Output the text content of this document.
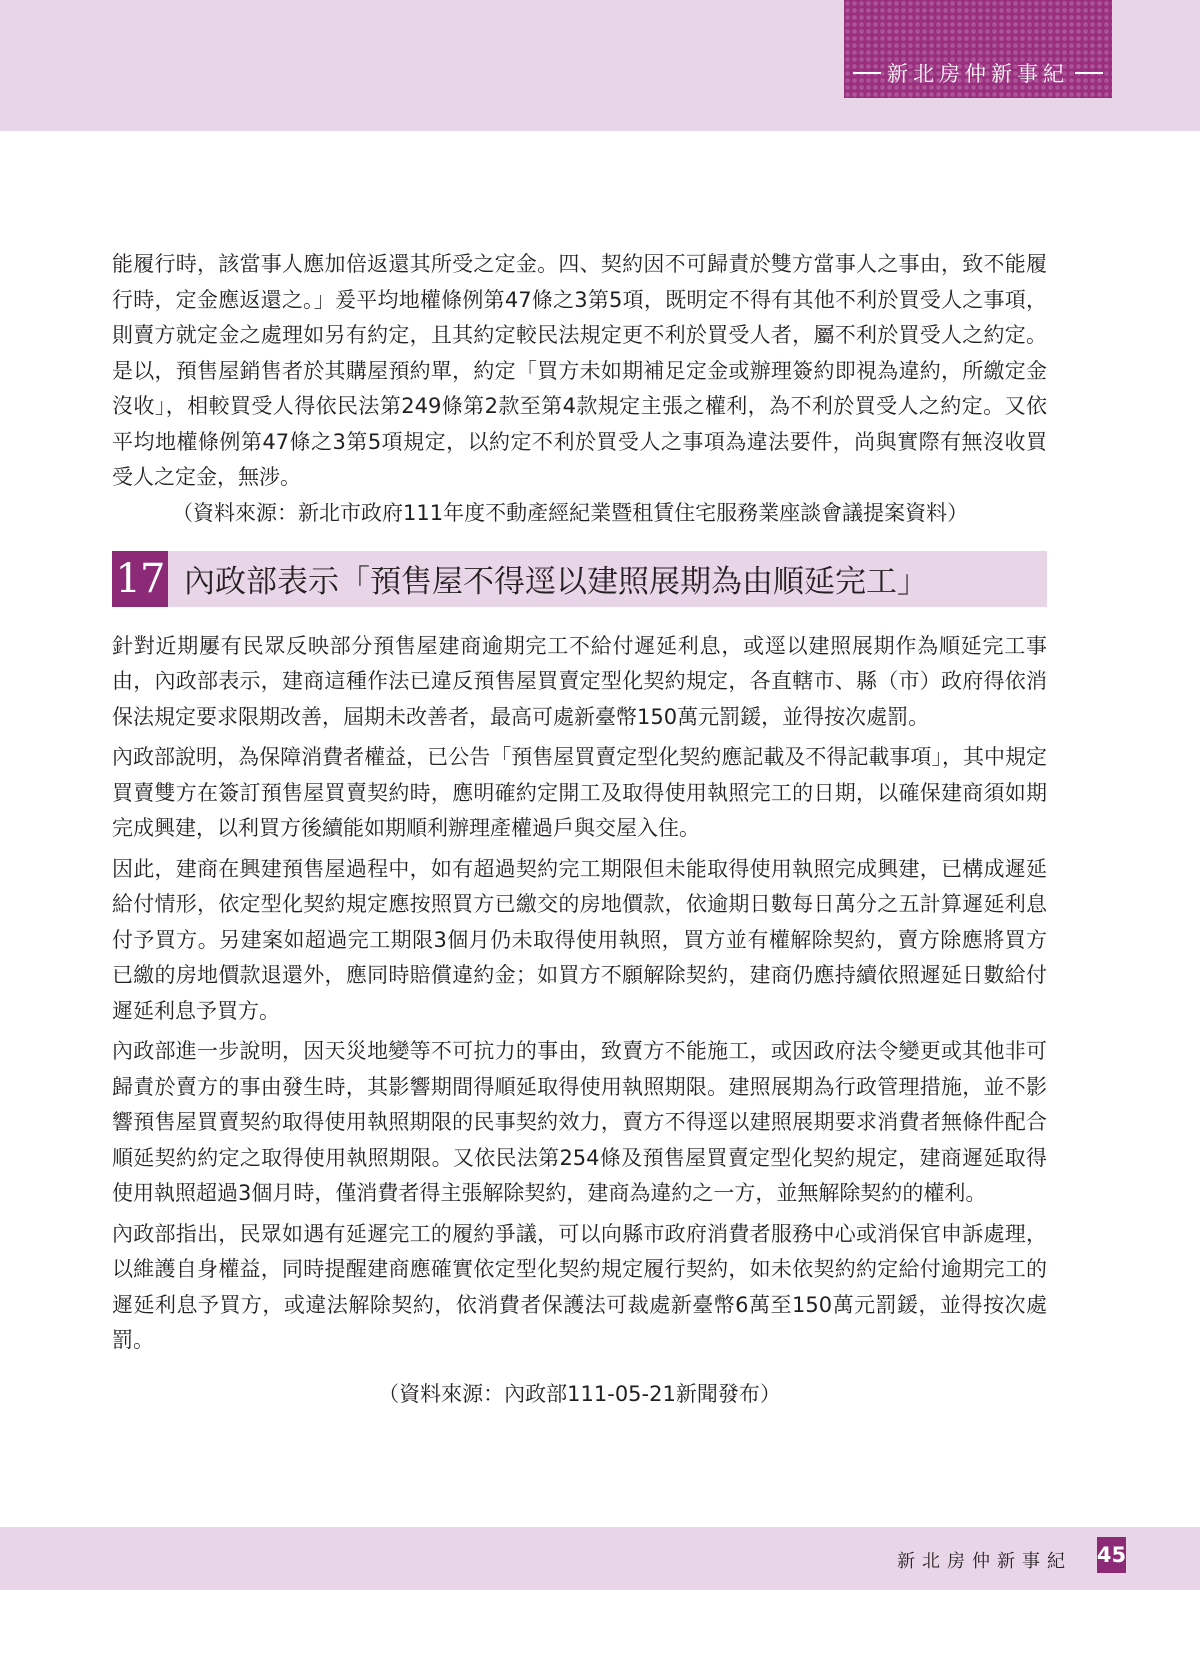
新北房仲新事紀

能履行時，該當事人應加倍返還其所受之定金。四、契約因不可歸責於雙方當事人之事由，致不能履行時，定金應返還之。」爰平均地權條例第47條之3第5項，既明定不得有其他不利於買受人之事項，則賣方就定金之處理如另有約定，且其約定較民法規定更不利於買受人者，屬不利於買受人之約定。是以，預售屋銷售者於其購屋預約單，約定「買方未如期補足定金或辦理簽約即視為違約，所繳定金沒收」，相較買受人得依民法第249條第2款至第4款規定主張之權利，為不利於買受人之約定。又依平均地權條例第47條之3第5項規定，以約定不利於買受人之事項為違法要件，尚與實際有無沒收買受人之定金，無涉。

（資料來源：新北市政府111年度不動產經紀業暨租賃住宅服務業座談會議提案資料）

17 內政部表示「預售屋不得逕以建照展期為由順延完工」

針對近期屢有民眾反映部分預售屋建商逾期完工不給付遲延利息，或逕以建照展期作為順延完工事由，內政部表示，建商這種作法已違反預售屋買賣定型化契約規定，各直轄市、縣（市）政府得依消保法規定要求限期改善，屆期未改善者，最高可處新臺幣150萬元罰鍰，並得按次處罰。

內政部說明，為保障消費者權益，已公告「預售屋買賣定型化契約應記載及不得記載事項」，其中規定買賣雙方在簽訂預售屋買賣契約時，應明確約定開工及取得使用執照完工的日期，以確保建商須如期完成興建，以利買方後續能如期順利辦理產權過戶與交屋入住。

因此，建商在興建預售屋過程中，如有超過契約完工期限但未能取得使用執照完成興建，已構成遲延給付情形，依定型化契約規定應按照買方已繳交的房地價款，依逾期日數每日萬分之五計算遲延利息付予買方。另建案如超過完工期限3個月仍未取得使用執照，買方並有權解除契約，賣方除應將買方已繳的房地價款退還外，應同時賠償違約金；如買方不願解除契約，建商仍應持續依照遲延日數給付遲延利息予買方。

內政部進一步說明，因天災地變等不可抗力的事由，致賣方不能施工，或因政府法令變更或其他非可歸責於賣方的事由發生時，其影響期間得順延取得使用執照期限。建照展期為行政管理措施，並不影響預售屋買賣契約取得使用執照期限的民事契約效力，賣方不得逕以建照展期要求消費者無條件配合順延契約約定之取得使用執照期限。又依民法第254條及預售屋買賣定型化契約規定，建商遲延取得使用執照超過3個月時，僅消費者得主張解除契約，建商為違約之一方，並無解除契約的權利。

內政部指出，民眾如遇有延遲完工的履約爭議，可以向縣市政府消費者服務中心或消保官申訴處理，以維護自身權益，同時提醒建商應確實依定型化契約規定履行契約，如未依契約約定給付逾期完工的遲延利息予買方，或違法解除契約，依消費者保護法可裁處新臺幣6萬至150萬元罰鍰，並得按次處罰。

（資料來源：內政部111-05-21新聞發布）

新北房仲新事紀 45
